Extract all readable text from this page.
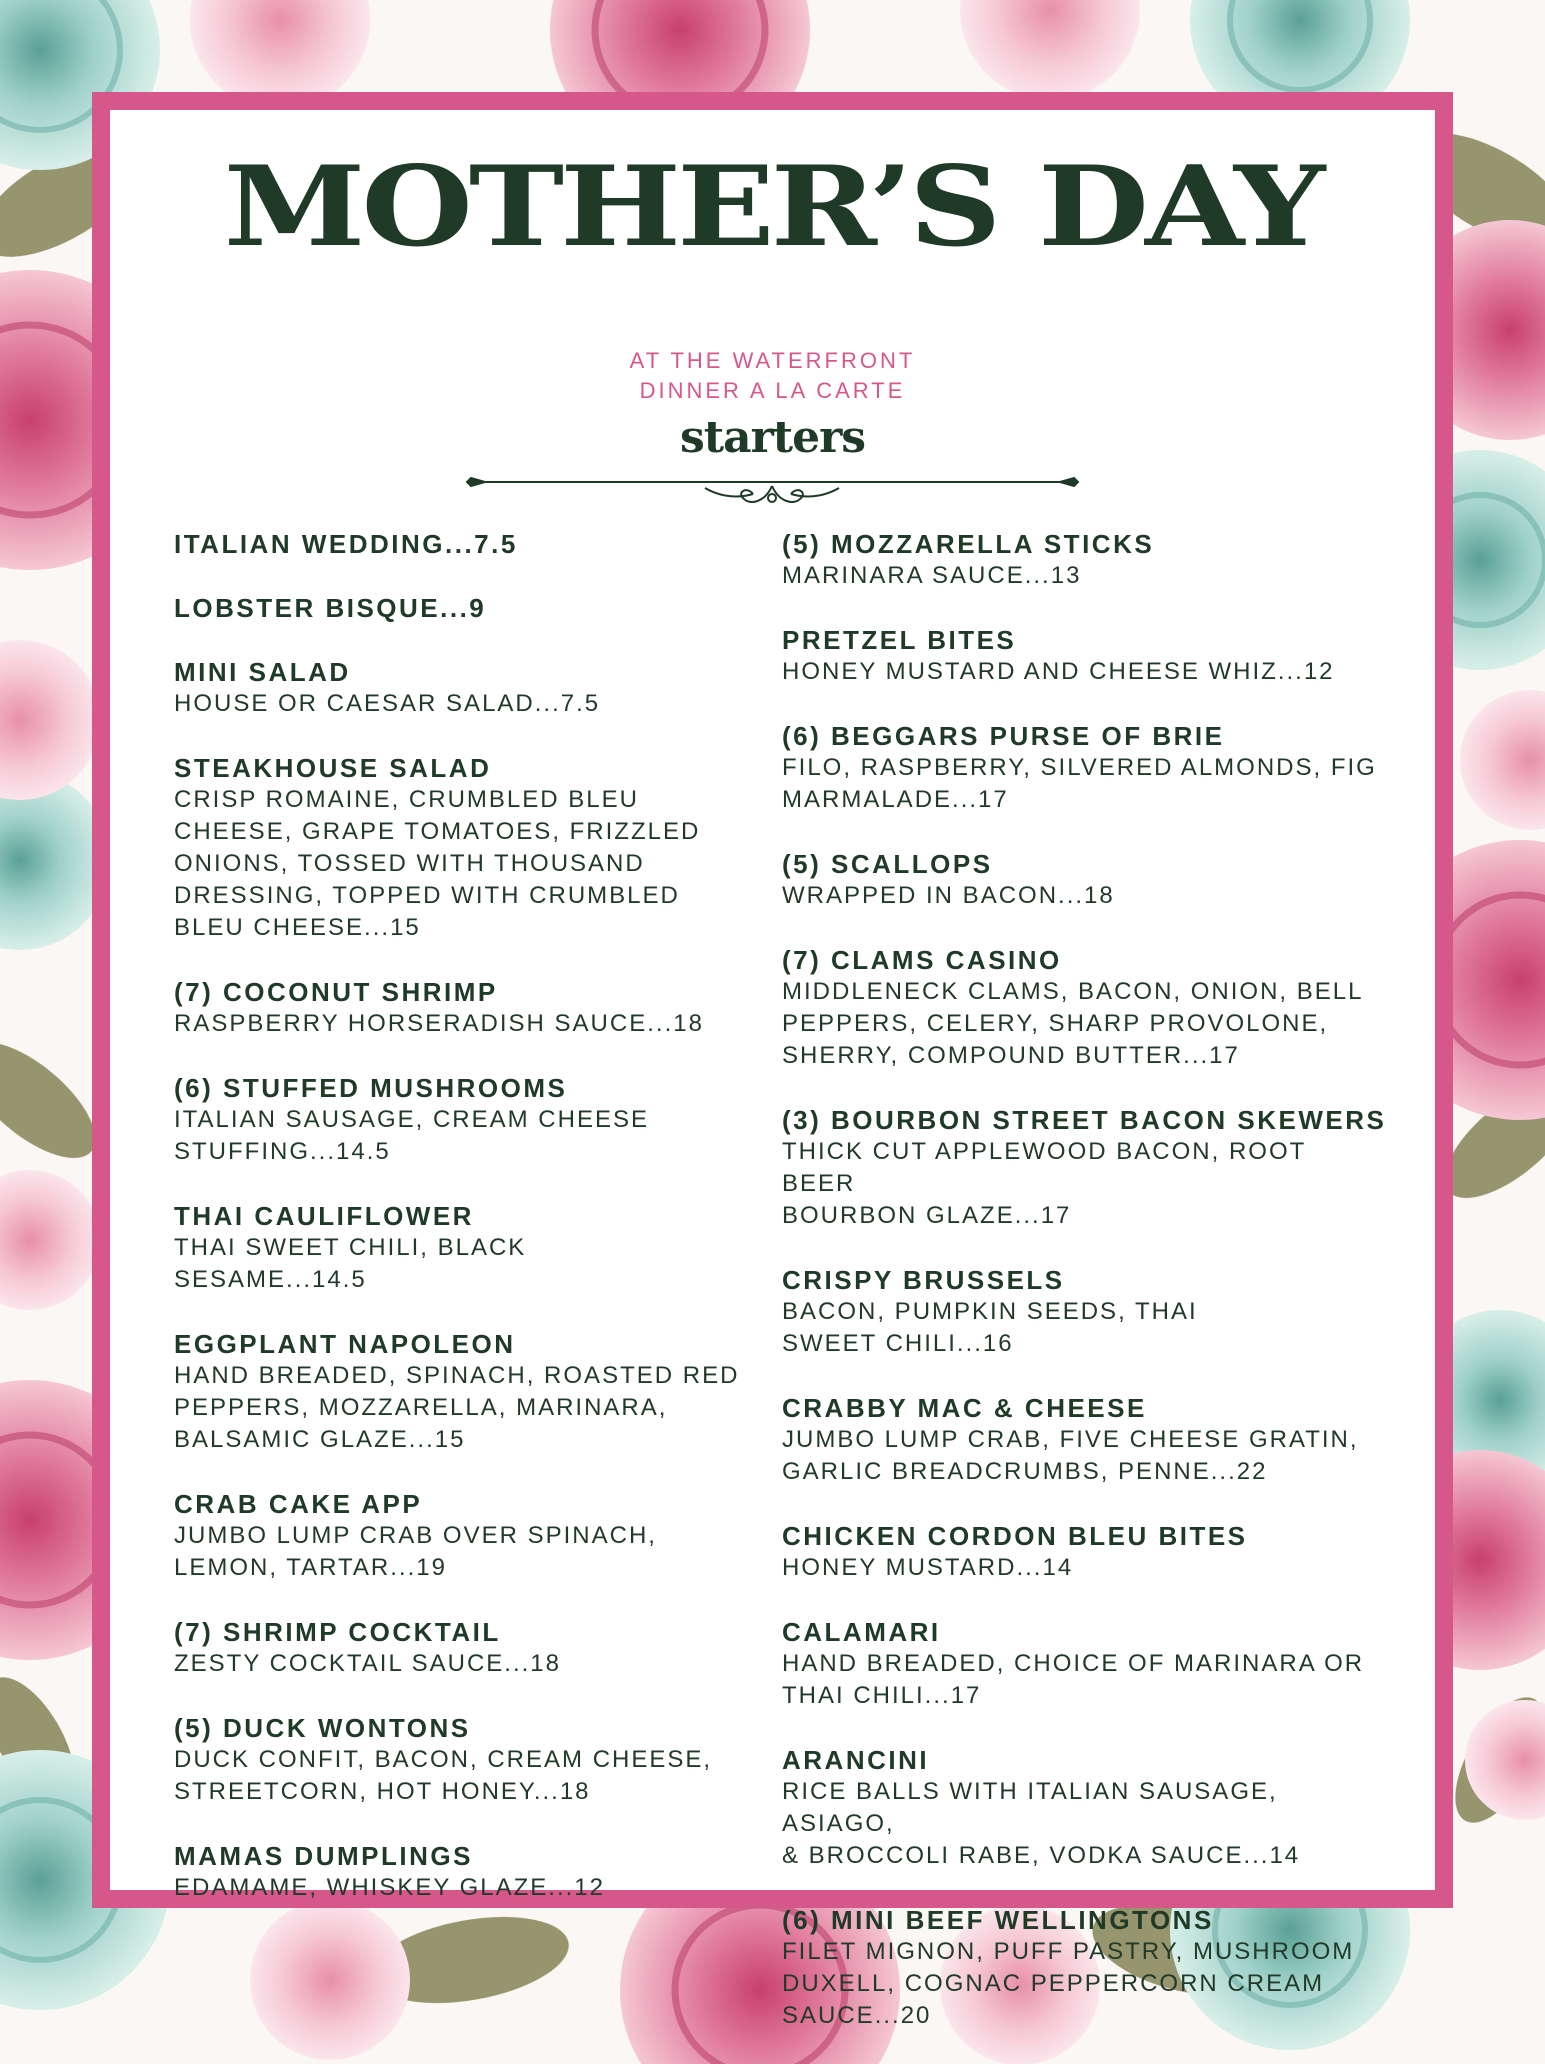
MOTHER’S DAY
AT THE WATERFRONT
DINNER A LA CARTE
starters
ITALIAN WEDDING...7.5
LOBSTER BISQUE...9
MINI SALAD
HOUSE OR CAESAR SALAD...7.5
STEAKHOUSE SALAD
CRISP ROMAINE, CRUMBLED BLEU
CHEESE, GRAPE TOMATOES, FRIZZLED
ONIONS, TOSSED WITH THOUSAND
DRESSING, TOPPED WITH CRUMBLED
BLEU CHEESE...15
(7) COCONUT SHRIMP
RASPBERRY HORSERADISH SAUCE...18
(6) STUFFED MUSHROOMS
ITALIAN SAUSAGE, CREAM CHEESE
STUFFING...14.5
THAI CAULIFLOWER
THAI SWEET CHILI, BLACK
SESAME...14.5
EGGPLANT NAPOLEON
HAND BREADED, SPINACH, ROASTED RED
PEPPERS, MOZZARELLA, MARINARA,
BALSAMIC GLAZE...15
CRAB CAKE APP
JUMBO LUMP CRAB OVER SPINACH,
LEMON, TARTAR...19
(7) SHRIMP COCKTAIL
ZESTY COCKTAIL SAUCE...18
(5) DUCK WONTONS
DUCK CONFIT, BACON, CREAM CHEESE,
STREETCORN, HOT HONEY...18
MAMAS DUMPLINGS
EDAMAME, WHISKEY GLAZE...12
(5) MOZZARELLA STICKS
MARINARA SAUCE...13
PRETZEL BITES
HONEY MUSTARD AND CHEESE WHIZ...12
(6) BEGGARS PURSE OF BRIE
FILO, RASPBERRY, SILVERED ALMONDS, FIG
MARMALADE...17
(5) SCALLOPS
WRAPPED IN BACON...18
(7) CLAMS CASINO
MIDDLENECK CLAMS, BACON, ONION, BELL
PEPPERS, CELERY, SHARP PROVOLONE,
SHERRY, COMPOUND BUTTER...17
(3) BOURBON STREET BACON SKEWERS
THICK CUT APPLEWOOD BACON, ROOT BEER
BOURBON GLAZE...17
CRISPY BRUSSELS
BACON, PUMPKIN SEEDS, THAI
SWEET CHILI...16
CRABBY MAC & CHEESE
JUMBO LUMP CRAB, FIVE CHEESE GRATIN,
GARLIC BREADCRUMBS, PENNE...22
CHICKEN CORDON BLEU BITES
HONEY MUSTARD...14
CALAMARI
HAND BREADED, CHOICE OF MARINARA OR
THAI CHILI...17
ARANCINI
RICE BALLS WITH ITALIAN SAUSAGE, ASIAGO,
& BROCCOLI RABE, VODKA SAUCE...14
(6) MINI BEEF WELLINGTONS
FILET MIGNON, PUFF PASTRY, MUSHROOM
DUXELL, COGNAC PEPPERCORN CREAM
SAUCE...20
